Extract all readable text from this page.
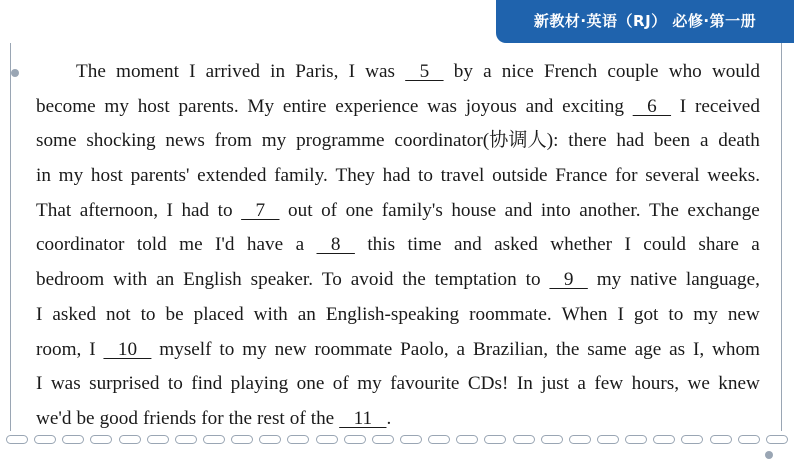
新教材·英语（RJ） 必修·第一册
The moment I arrived in Paris, I was 5 by a nice French couple who would
become my host parents. My entire experience was joyous and exciting 6 I received
some shocking news from my programme coordinator(协调人): there had been a death
in my host parents' extended family. They had to travel outside France for several weeks.
That afternoon, I had to 7 out of one family's house and into another. The exchange
coordinator told me I'd have a 8 this time and asked whether I could share a
bedroom with an English speaker. To avoid the temptation to 9 my native language,
I asked not to be placed with an English-speaking roommate. When I got to my new
room, I 10 myself to my new roommate Paolo, a Brazilian, the same age as I, whom
I was surprised to find playing one of my favourite CDs! In just a few hours, we knew
we'd be good friends for the rest of the 11   .
